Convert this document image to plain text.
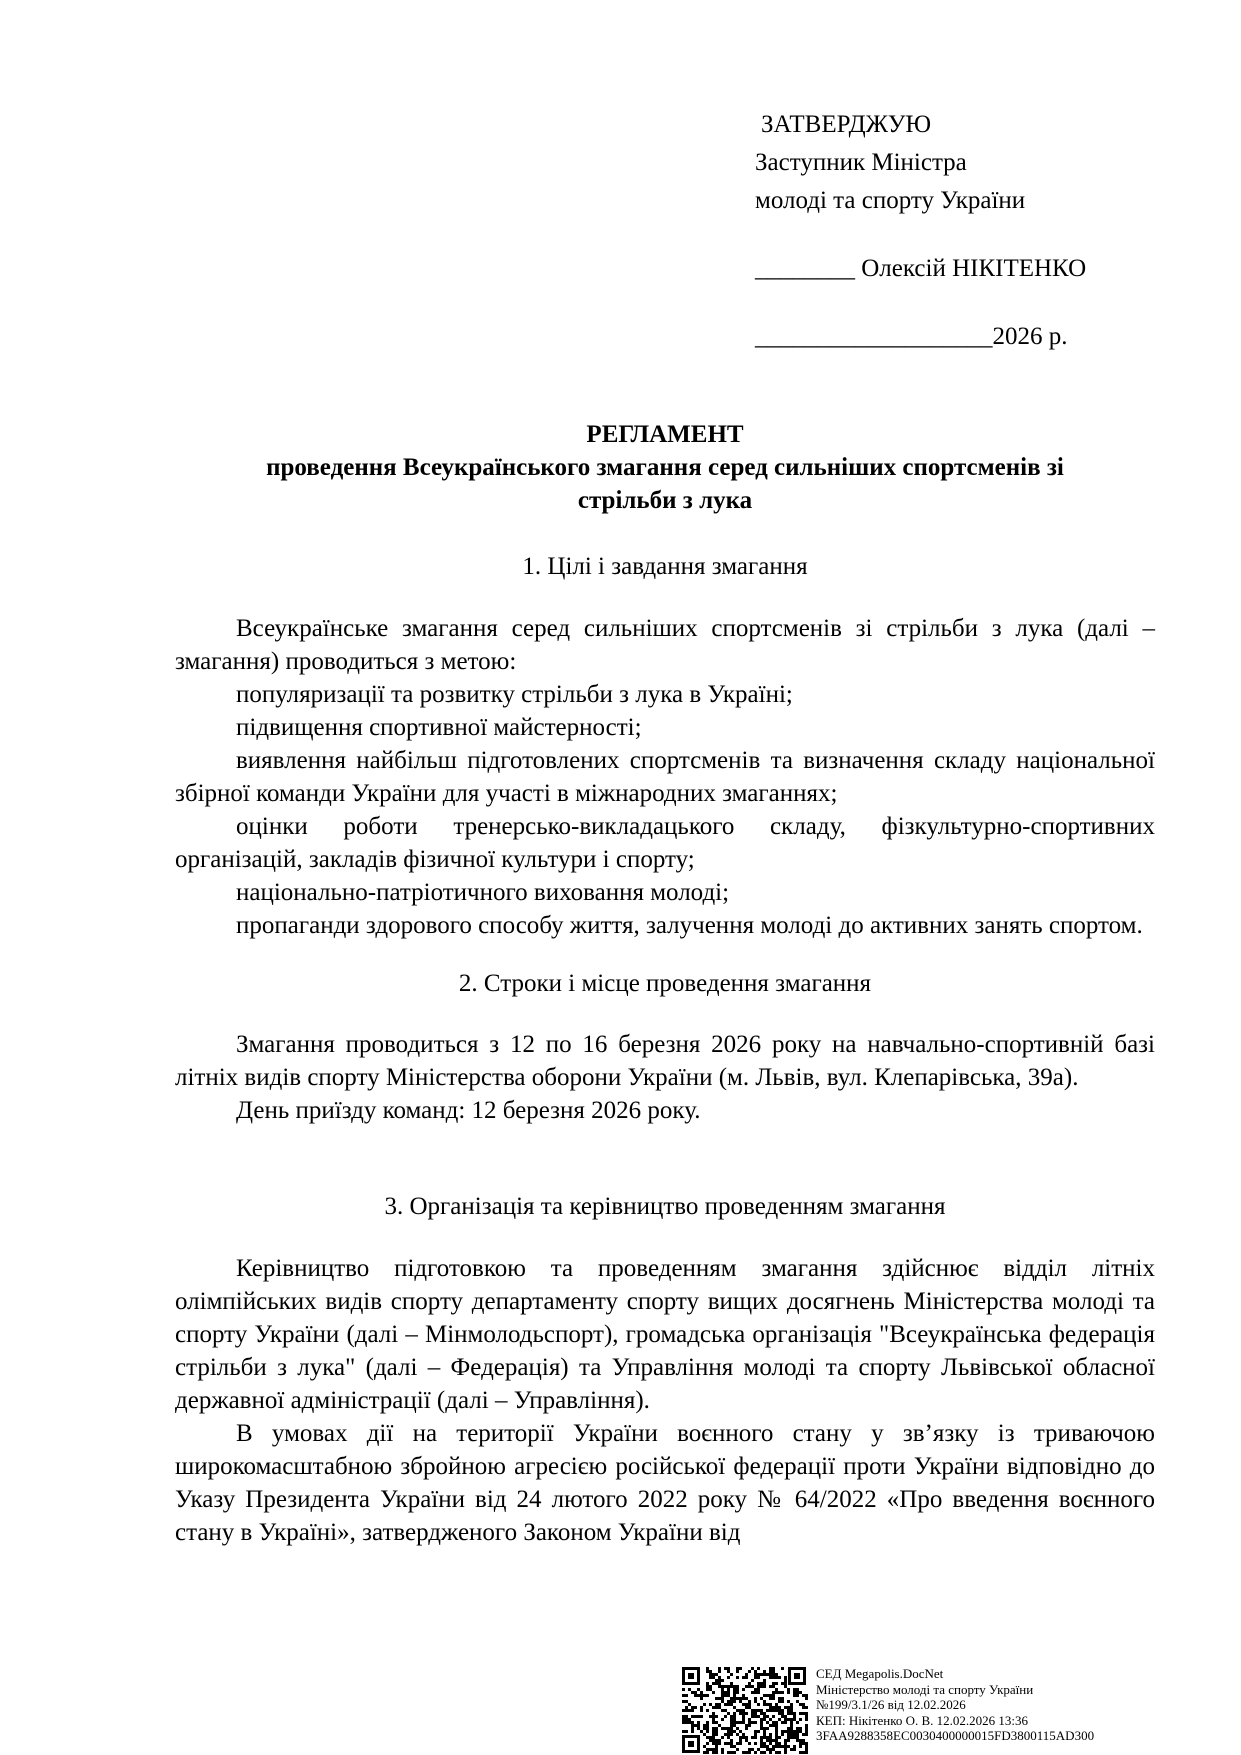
ЗАТВЕРДЖУЮ
Заступник Міністра
молоді та спорту України
________ Олексій НІКІТЕНКО
___________________2026 р.
РЕГЛАМЕНТ
проведення Всеукраїнського змагання серед сильніших спортсменів зі
стрільби з лука
1. Цілі і завдання змагання

Всеукраїнське змагання серед сильніших спортсменів зі стрільби з лука (далі – змагання) проводиться з метою:

популяризації та розвитку стрільби з лука в Україні;

підвищення спортивної майстерності;

виявлення найбільш підготовлених спортсменів та визначення складу національної збірної команди України для участі в міжнародних змаганнях;

оцінки роботи тренерсько-викладацького складу, фізкультурно-спортивних організацій, закладів фізичної культури і спорту;

національно-патріотичного виховання молоді;

пропаганди здорового способу життя, залучення молоді до активних занять спортом.

2. Строки і місце проведення змагання

Змагання проводиться з 12 по 16 березня 2026 року на навчально-спортивній базі літніх видів спорту Міністерства оборони України (м. Львів, вул. Клепарівська, 39а).

День приїзду команд: 12 березня 2026 року.

3. Організація та керівництво проведенням змагання

Керівництво підготовкою та проведенням змагання здійснює відділ літніх олімпійських видів спорту департаменту спорту вищих досягнень Міністерства молоді та спорту України (далі – Мінмолодьспорт), громадська організація "Всеукраїнська федерація стрільби з лука" (далі – Федерація) та Управління молоді та спорту Львівської обласної державної адміністрації (далі – Управління).

В умовах дії на території України воєнного стану у зв’язку із триваючою широкомасштабною збройною агресією російської федерації проти України відповідно до Указу Президента України від 24 лютого 2022 року № 64/2022 «Про введення воєнного стану в Україні», затвердженого Законом України від

СЕД Megapolis.DocNet
Міністерство молоді та спорту України
№199/3.1/26 від 12.02.2026
КЕП: Нікітенко О. В. 12.02.2026 13:36
3FAA9288358EC0030400000015FD3800115AD300
